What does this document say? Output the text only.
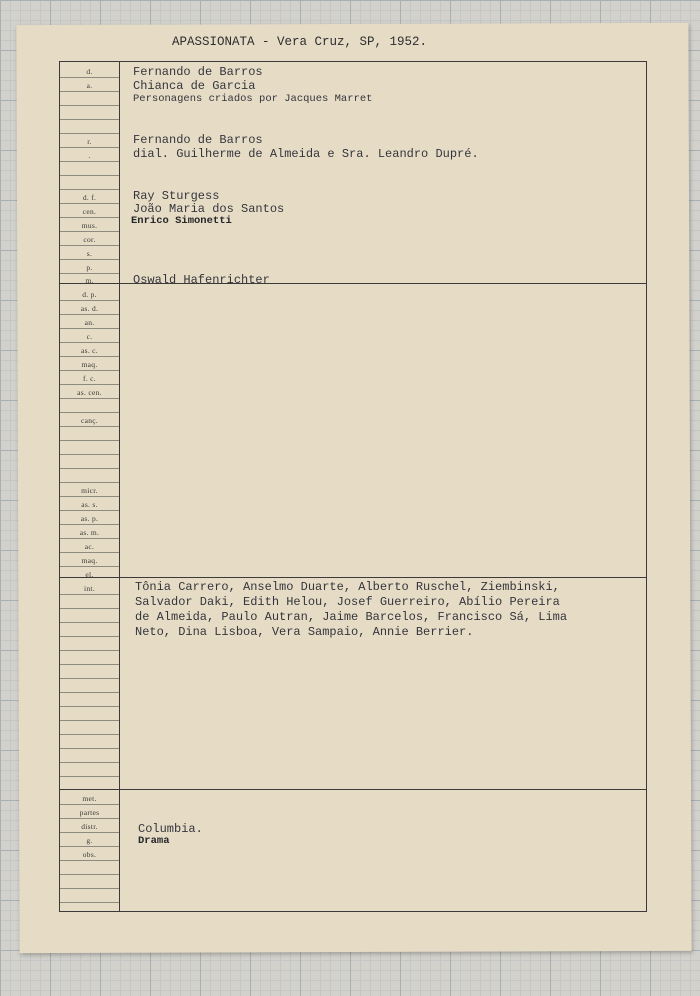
APASSIONATA - Vera Cruz, SP, 1952.
d.
a.
r.
.
d. f.
cen.
mus.
cor.
s.
p.
m.
d. p.
as. d.
an.
c.
as. c.
maq.
f. c.
as. cen.
canç.
micr.
as. s.
as. p.
as. m.
ac.
maq.
el.
int.
met.
partes
distr.
g.
obs.
Fernando de Barros
Chianca de Garcia
Personagens criados por Jacques Marret
Fernando de Barros
dial. Guilherme de Almeida e Sra. Leandro Dupré.
Ray Sturgess
João Maria dos Santos
Enrico Simonetti
Oswald Hafenrichter
Tônia Carrero, Anselmo Duarte, Alberto Ruschel, Ziembinski,
Salvador Daki, Edith Helou, Josef Guerreiro, Abílio Pereira
de Almeida, Paulo Autran, Jaime Barcelos, Francisco Sá, Lima
Neto, Dina Lisboa, Vera Sampaio, Annie Berrier.
Columbia.
Drama
